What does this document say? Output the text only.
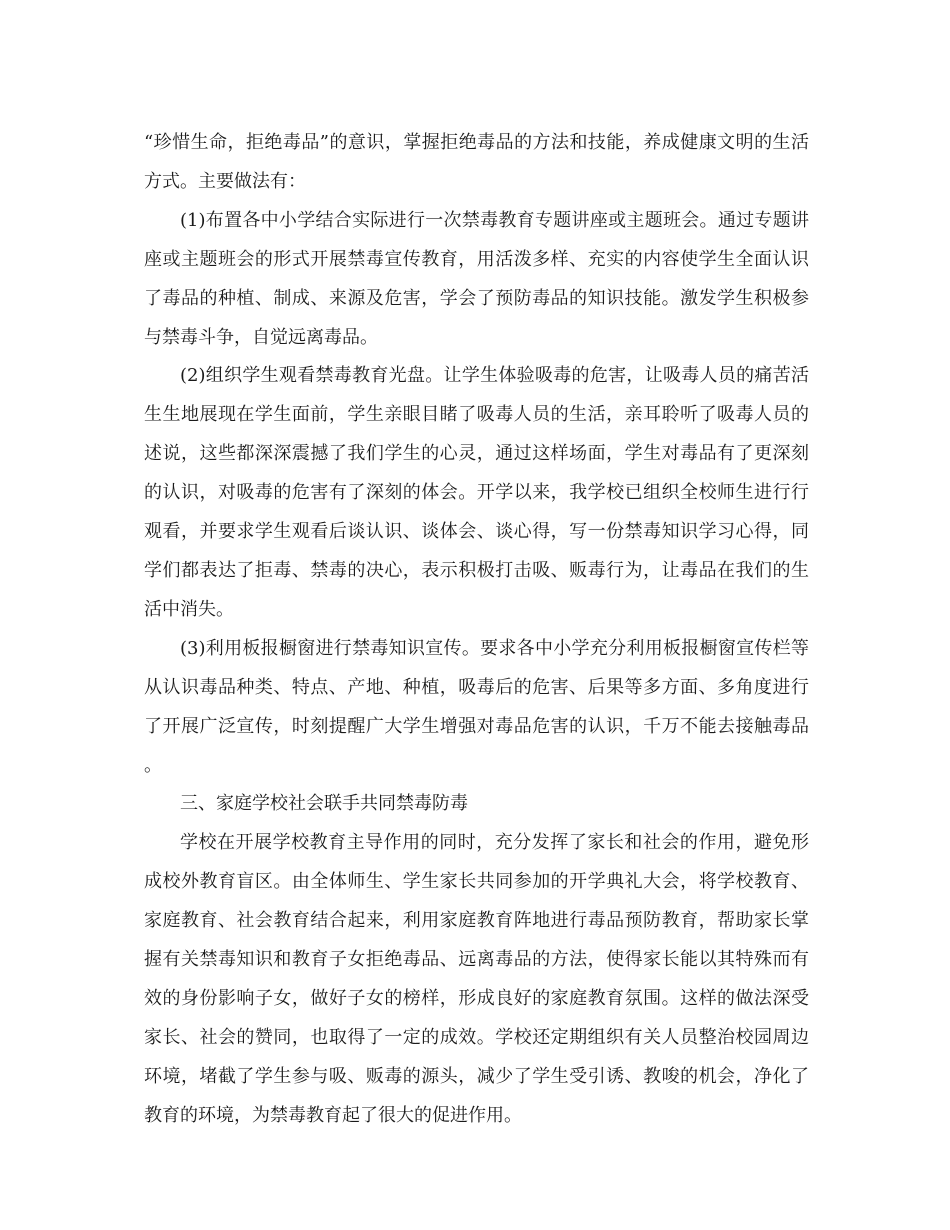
“珍惜生命，拒绝毒品”的意识，掌握拒绝毒品的方法和技能，养成健康文明的生活方式。主要做法有：

(1)布置各中小学结合实际进行一次禁毒教育专题讲座或主题班会。通过专题讲座或主题班会的形式开展禁毒宣传教育，用活泼多样、充实的内容使学生全面认识了毒品的种植、制成、来源及危害，学会了预防毒品的知识技能。激发学生积极参与禁毒斗争，自觉远离毒品。

(2)组织学生观看禁毒教育光盘。让学生体验吸毒的危害，让吸毒人员的痛苦活生生地展现在学生面前，学生亲眼目睹了吸毒人员的生活，亲耳聆听了吸毒人员的述说，这些都深深震撼了我们学生的心灵，通过这样场面，学生对毒品有了更深刻的认识，对吸毒的危害有了深刻的体会。开学以来，我学校已组织全校师生进行行观看，并要求学生观看后谈认识、谈体会、谈心得，写一份禁毒知识学习心得，同学们都表达了拒毒、禁毒的决心，表示积极打击吸、贩毒行为，让毒品在我们的生活中消失。

(3)利用板报橱窗进行禁毒知识宣传。要求各中小学充分利用板报橱窗宣传栏等从认识毒品种类、特点、产地、种植，吸毒后的危害、后果等多方面、多角度进行了开展广泛宣传，时刻提醒广大学生增强对毒品危害的认识，千万不能去接触毒品。

三、家庭学校社会联手共同禁毒防毒

学校在开展学校教育主导作用的同时，充分发挥了家长和社会的作用，避免形成校外教育盲区。由全体师生、学生家长共同参加的开学典礼大会，将学校教育、家庭教育、社会教育结合起来，利用家庭教育阵地进行毒品预防教育，帮助家长掌握有关禁毒知识和教育子女拒绝毒品、远离毒品的方法，使得家长能以其特殊而有效的身份影响子女，做好子女的榜样，形成良好的家庭教育氛围。这样的做法深受家长、社会的赞同，也取得了一定的成效。学校还定期组织有关人员整治校园周边环境，堵截了学生参与吸、贩毒的源头，减少了学生受引诱、教唆的机会，净化了教育的环境，为禁毒教育起了很大的促进作用。
